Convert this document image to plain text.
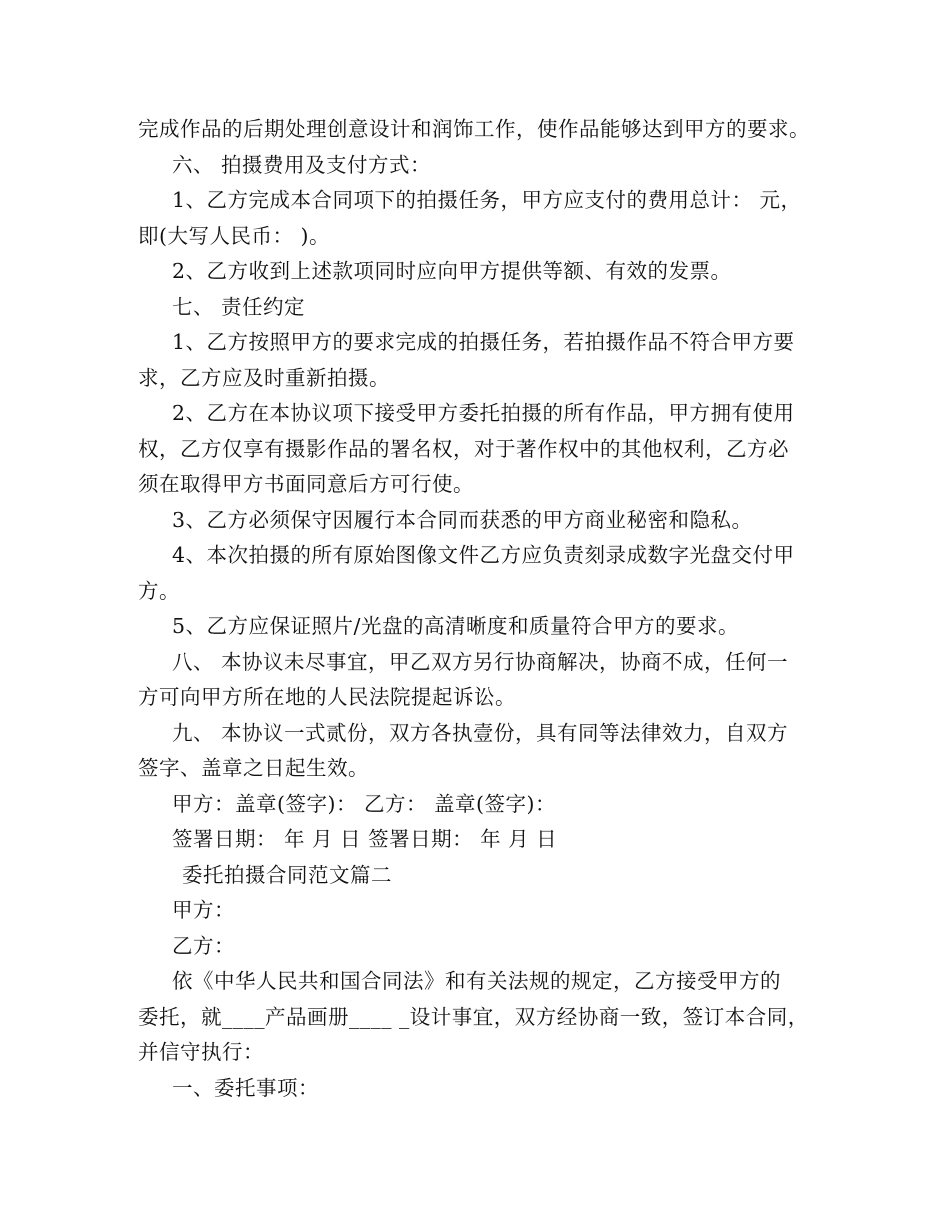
完成作品的后期处理创意设计和润饰工作，使作品能够达到甲方的要求。
六、 拍摄费用及支付方式：
1、乙方完成本合同项下的拍摄任务，甲方应支付的费用总计： 元，
即(大写人民币： )。
2、乙方收到上述款项同时应向甲方提供等额、有效的发票。
七、 责任约定
1、乙方按照甲方的要求完成的拍摄任务，若拍摄作品不符合甲方要
求，乙方应及时重新拍摄。
2、乙方在本协议项下接受甲方委托拍摄的所有作品，甲方拥有使用
权，乙方仅享有摄影作品的署名权，对于著作权中的其他权利，乙方必
须在取得甲方书面同意后方可行使。
3、乙方必须保守因履行本合同而获悉的甲方商业秘密和隐私。
4、本次拍摄的所有原始图像文件乙方应负责刻录成数字光盘交付甲
方。
5、乙方应保证照片/光盘的高清晰度和质量符合甲方的要求。
八、 本协议未尽事宜，甲乙双方另行协商解决，协商不成，任何一
方可向甲方所在地的人民法院提起诉讼。
九、 本协议一式贰份，双方各执壹份，具有同等法律效力，自双方
签字、盖章之日起生效。
甲方：盖章(签字)： 乙方： 盖章(签字)：
签署日期： 年 月 日 签署日期： 年 月 日
委托拍摄合同范文篇二
甲方：
乙方：
依《中华人民共和国合同法》和有关法规的规定，乙方接受甲方的
委托，就____产品画册____ _设计事宜，双方经协商一致，签订本合同，
并信守执行：
一、委托事项：
